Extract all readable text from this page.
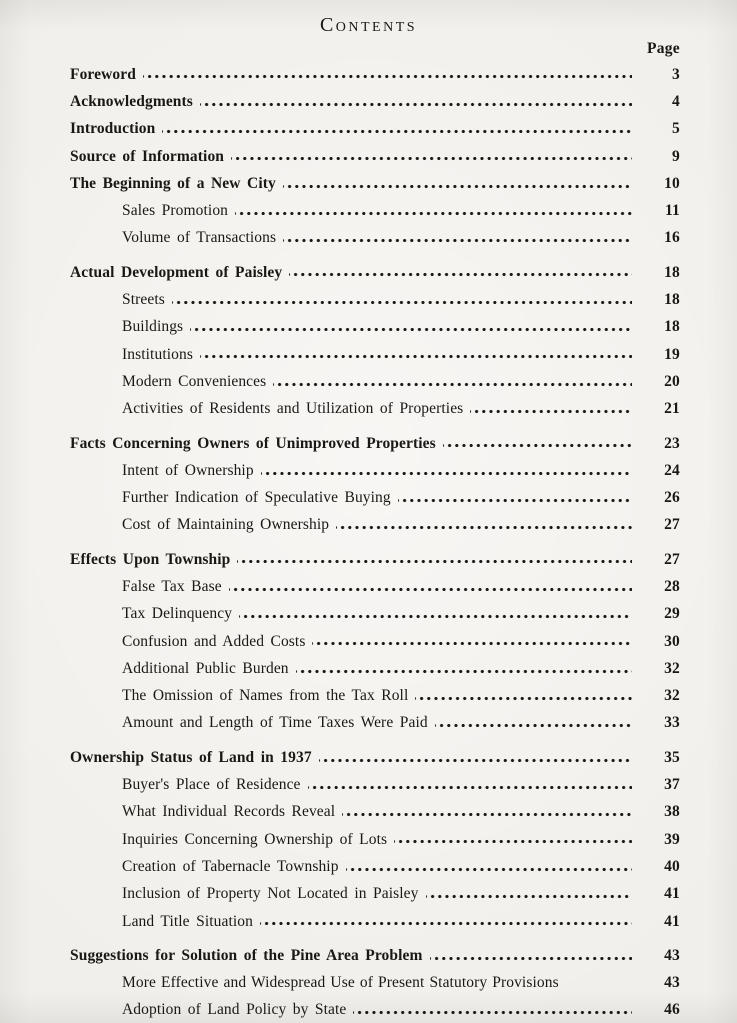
Contents
Page
Foreword	3
Acknowledgments	4
Introduction	5
Source of Information	9
The Beginning of a New City	10
Sales Promotion	11
Volume of Transactions	16
Actual Development of Paisley	18
Streets	18
Buildings	18
Institutions	19
Modern Conveniences	20
Activities of Residents and Utilization of Properties	21
Facts Concerning Owners of Unimproved Properties	23
Intent of Ownership	24
Further Indication of Speculative Buying	26
Cost of Maintaining Ownership	27
Effects Upon Township	27
False Tax Base	28
Tax Delinquency	29
Confusion and Added Costs	30
Additional Public Burden	32
The Omission of Names from the Tax Roll	32
Amount and Length of Time Taxes Were Paid	33
Ownership Status of Land in 1937	35
Buyer's Place of Residence	37
What Individual Records Reveal	38
Inquiries Concerning Ownership of Lots	39
Creation of Tabernacle Township	40
Inclusion of Property Not Located in Paisley	41
Land Title Situation	41
Suggestions for Solution of the Pine Area Problem	43
More Effective and Widespread Use of Present Statutory Provisions	43
Adoption of Land Policy by State	46
